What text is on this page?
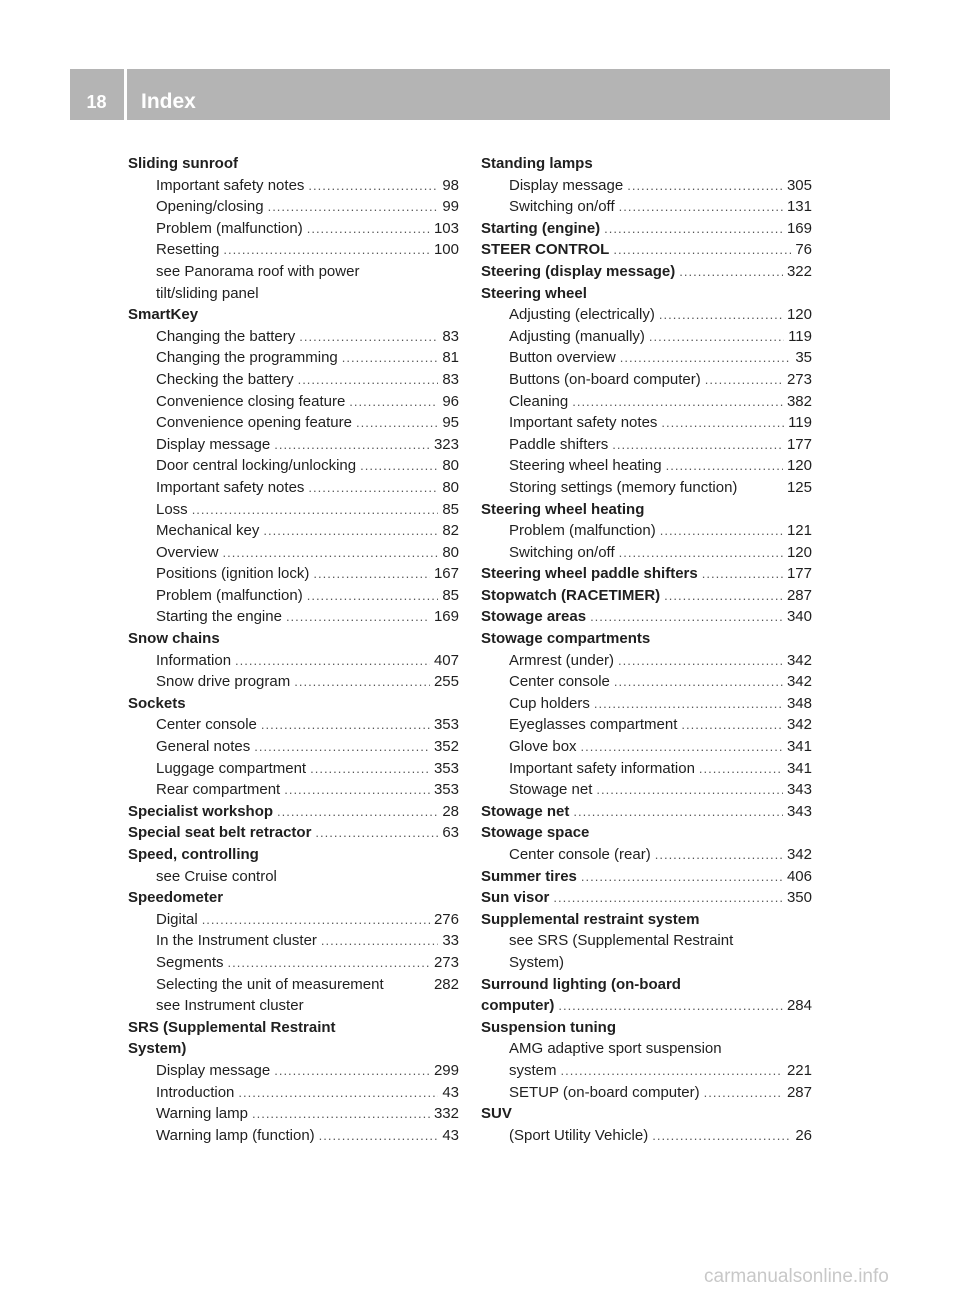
18	Index
Sliding sunroof
Important safety notes .....	98
Opening/closing .....	99
Problem (malfunction) .....	103
Resetting .....	100
see Panorama roof with power
tilt/sliding panel
SmartKey
Changing the battery .....	83
Changing the programming .....	81
Checking the battery .....	83
Convenience closing feature .....	96
Convenience opening feature .....	95
Display message .....	323
Door central locking/unlocking .....	80
Important safety notes .....	80
Loss .....	85
Mechanical key .....	82
Overview .....	80
Positions (ignition lock) .....	167
Problem (malfunction) .....	85
Starting the engine .....	169
Snow chains
Information .....	407
Snow drive program .....	255
Sockets
Center console .....	353
General notes .....	352
Luggage compartment .....	353
Rear compartment .....	353
Specialist workshop .....	28
Special seat belt retractor .....	63
Speed, controlling
see Cruise control
Speedometer
Digital .....	276
In the Instrument cluster .....	33
Segments .....	273
Selecting the unit of measurement	282
see Instrument cluster
SRS (Supplemental Restraint
System)
Display message .....	299
Introduction .....	43
Warning lamp .....	332
Warning lamp (function) .....	43
Standing lamps
Display message .....	305
Switching on/off .....	131
Starting (engine) .....	169
STEER CONTROL .....	76
Steering (display message) .....	322
Steering wheel
Adjusting (electrically) .....	120
Adjusting (manually) .....	119
Button overview .....	35
Buttons (on-board computer) .....	273
Cleaning .....	382
Important safety notes .....	119
Paddle shifters .....	177
Steering wheel heating .....	120
Storing settings (memory function)	125
Steering wheel heating
Problem (malfunction) .....	121
Switching on/off .....	120
Steering wheel paddle shifters .....	177
Stopwatch (RACETIMER) .....	287
Stowage areas .....	340
Stowage compartments
Armrest (under) .....	342
Center console .....	342
Cup holders .....	348
Eyeglasses compartment .....	342
Glove box .....	341
Important safety information .....	341
Stowage net .....	343
Stowage net .....	343
Stowage space
Center console (rear) .....	342
Summer tires .....	406
Sun visor .....	350
Supplemental restraint system
see SRS (Supplemental Restraint
System)
Surround lighting (on-board
computer) .....	284
Suspension tuning
AMG adaptive sport suspension
system .....	221
SETUP (on-board computer) .....	287
SUV
(Sport Utility Vehicle) .....	26
carmanualsonline.info
